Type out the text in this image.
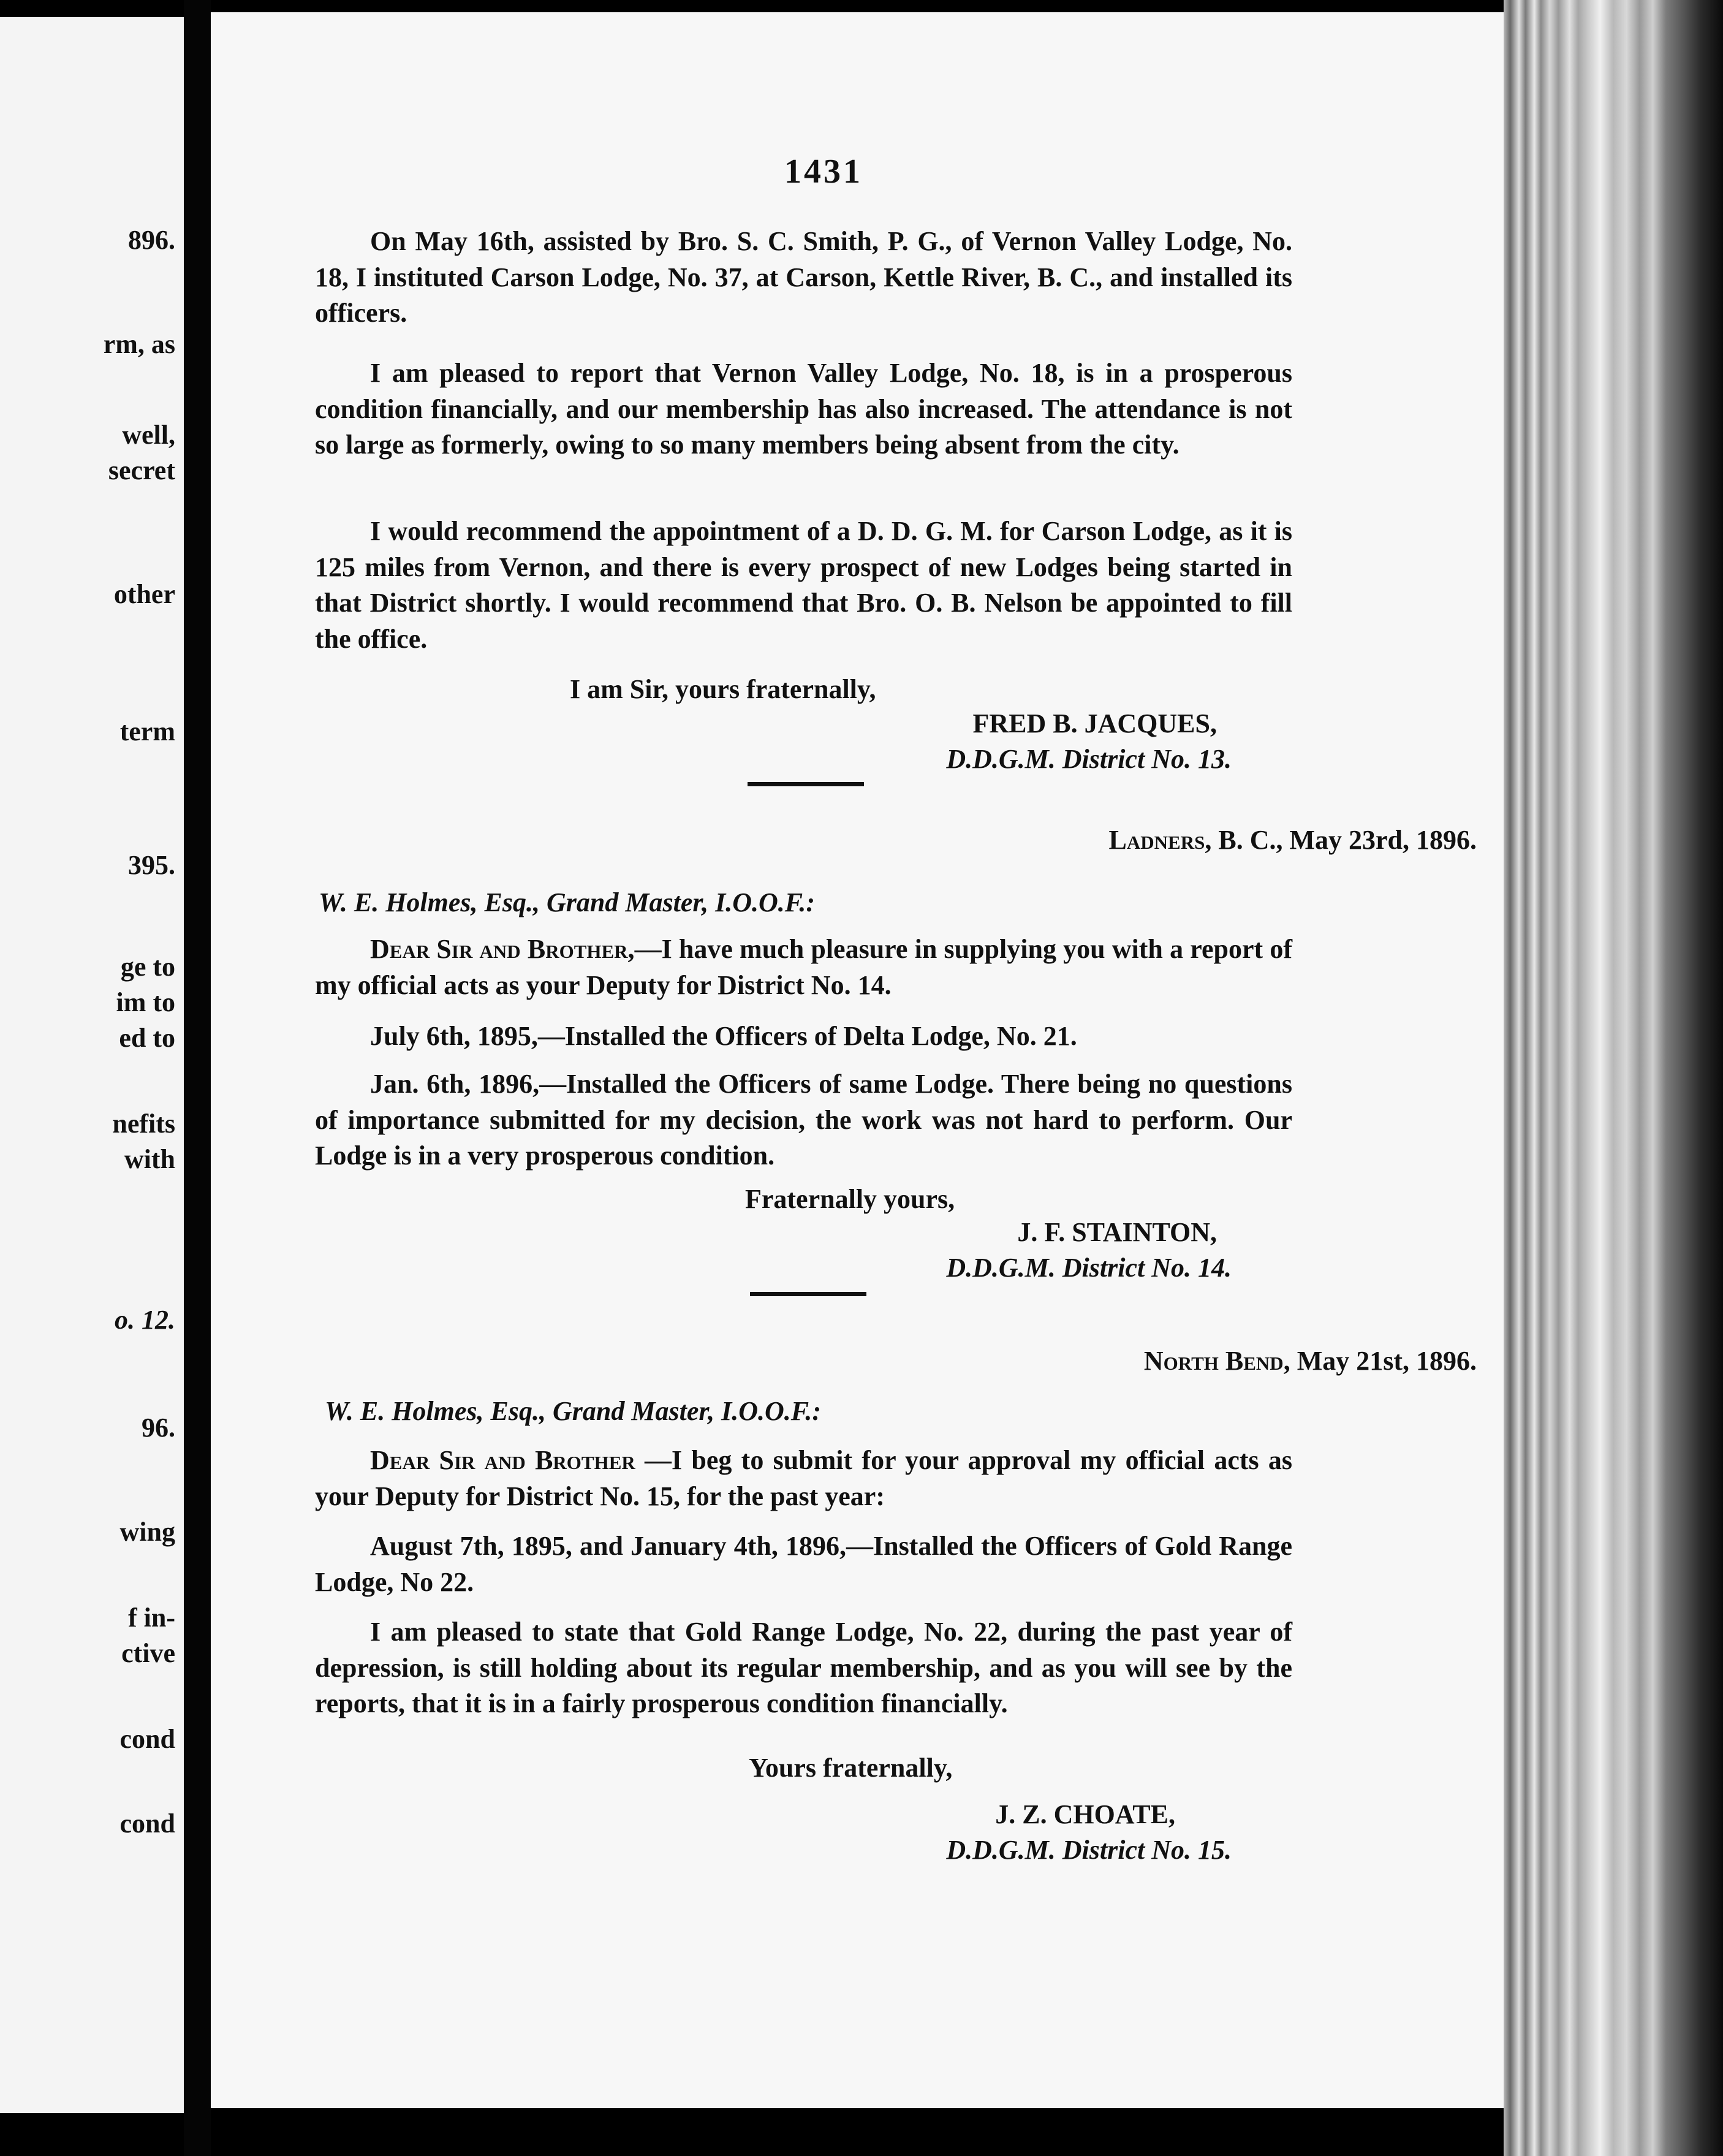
896.
rm, as
well,
secret
other
term
395.
ge to
im to
ed to
nefits
with
o. 12.
96.
wing
f in-
ctive
cond
cond
1431

On May 16th, assisted by Bro. S. C. Smith, P. G., of Vernon Valley Lodge, No. 18, I instituted Carson Lodge, No. 37, at Carson, Kettle River, B. C., and installed its officers.

I am pleased to report that Vernon Valley Lodge, No. 18, is in a prosperous condition financially, and our membership has also increased. The attendance is not so large as formerly, owing to so many members being absent from the city.

I would recommend the appointment of a D. D. G. M. for Carson Lodge, as it is 125 miles from Vernon, and there is every prospect of new Lodges being started in that District shortly. I would recommend that Bro. O. B. Nelson be appointed to fill the office.

I am Sir, yours fraternally,
FRED B. JACQUES,
D.D.G.M. District No. 13.
Ladners, B. C., May 23rd, 1896.
W. E. Holmes, Esq., Grand Master, I.O.O.F.:

Dear Sir and Brother,—I have much pleasure in supplying you with a report of my official acts as your Deputy for District No. 14.

July 6th, 1895,—Installed the Officers of Delta Lodge, No. 21.

Jan. 6th, 1896,—Installed the Officers of same Lodge. There being no questions of importance submitted for my decision, the work was not hard to perform. Our Lodge is in a very prosperous condition.

Fraternally yours,
J. F. STAINTON,
D.D.G.M. District No. 14.
North Bend, May 21st, 1896.
W. E. Holmes, Esq., Grand Master, I.O.O.F.:

Dear Sir and Brother —I beg to submit for your approval my official acts as your Deputy for District No. 15, for the past year:

August 7th, 1895, and January 4th, 1896,—Installed the Officers of Gold Range Lodge, No 22.

I am pleased to state that Gold Range Lodge, No. 22, during the past year of depression, is still holding about its regular membership, and as you will see by the reports, that it is in a fairly prosperous condition financially.

Yours fraternally,
J. Z. CHOATE,
D.D.G.M. District No. 15.
